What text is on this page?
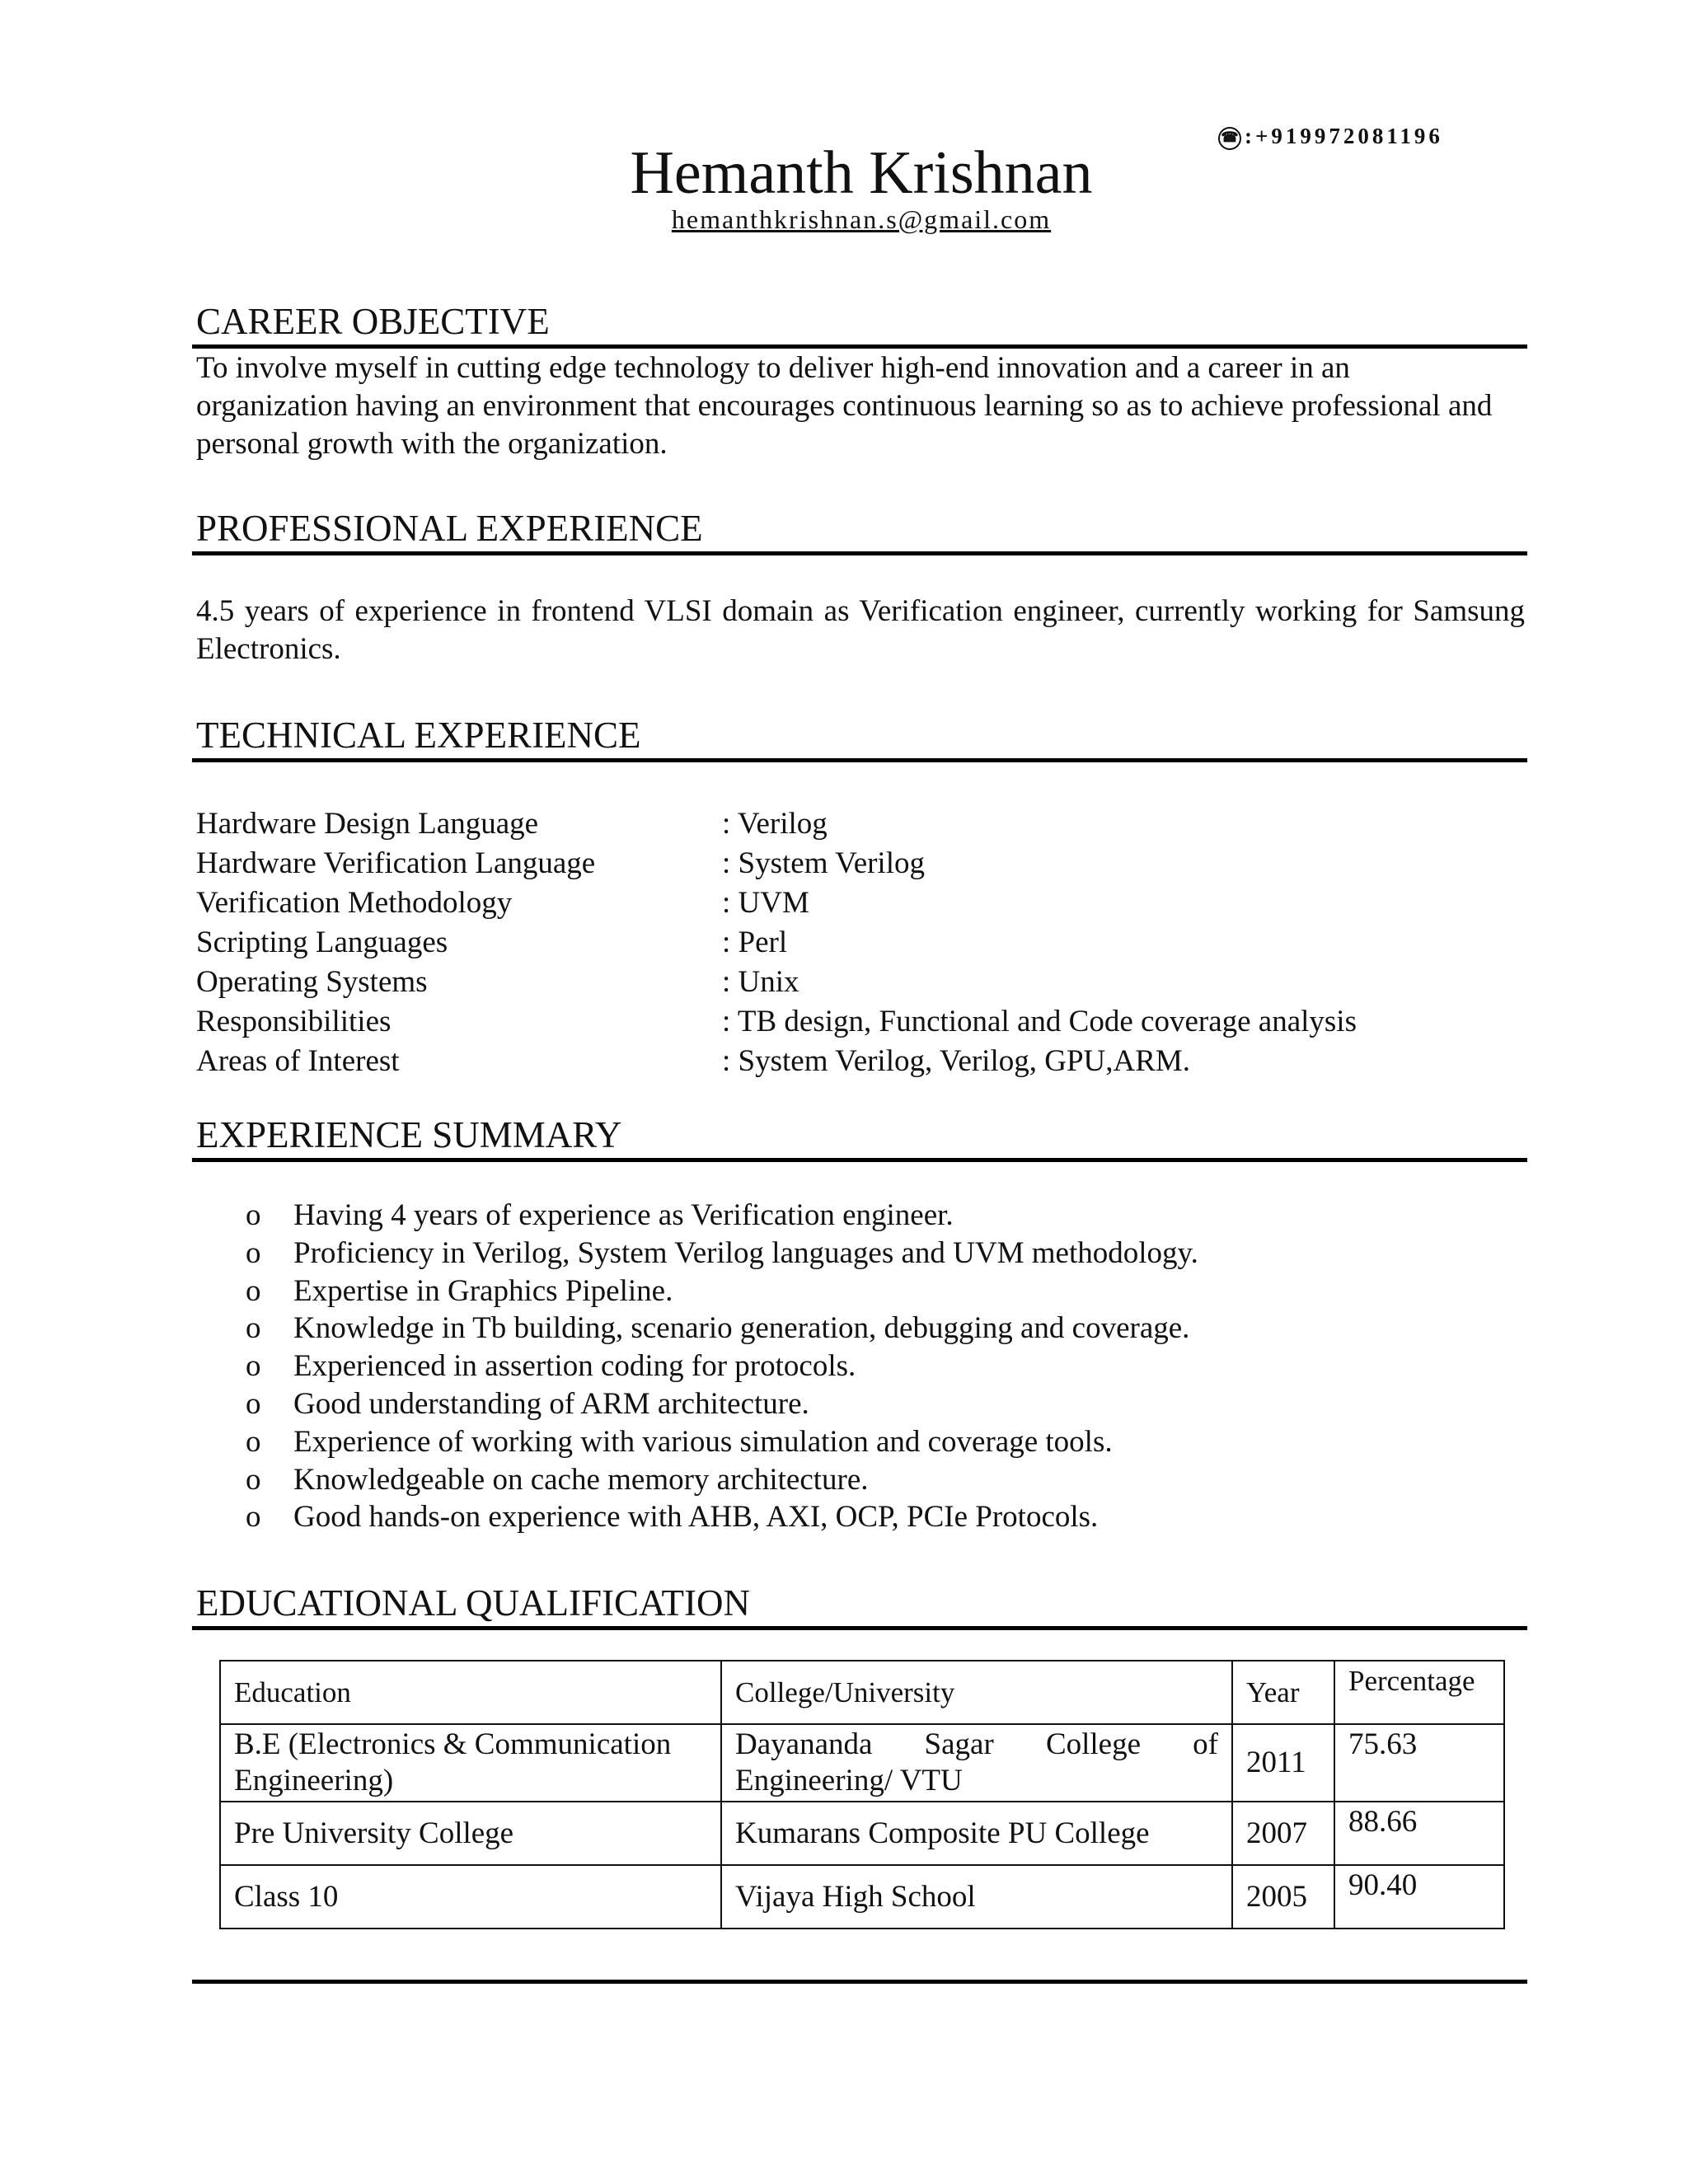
☎ :+919972081196
Hemanth Krishnan
hemanthkrishnan.s@gmail.com
CAREER OBJECTIVE
To involve myself in cutting edge technology to deliver high-end innovation and a career in an organization having an environment that encourages continuous learning so as to achieve professional and personal growth with the organization.
PROFESSIONAL EXPERIENCE
4.5 years of experience in frontend VLSI domain as Verification engineer, currently working for Samsung Electronics.
TECHNICAL EXPERIENCE
Hardware Design Language	: Verilog
Hardware Verification Language	: System Verilog
Verification Methodology	: UVM
Scripting Languages	: Perl
Operating Systems	: Unix
Responsibilities	: TB design, Functional and Code coverage analysis
Areas of Interest	: System Verilog, Verilog, GPU,ARM.
EXPERIENCE SUMMARY
o Having 4 years of experience as Verification engineer.
o Proficiency in Verilog, System Verilog languages and UVM methodology.
o Expertise in Graphics Pipeline.
o Knowledge in Tb building, scenario generation, debugging and coverage.
o Experienced in assertion coding for protocols.
o Good understanding of ARM architecture.
o Experience of working with various simulation and coverage tools.
o Knowledgeable on cache memory architecture.
o Good hands-on experience with AHB, AXI, OCP, PCIe Protocols.
EDUCATIONAL QUALIFICATION
Education	College/University	Year	Percentage
B.E (Electronics & Communication Engineering)	Dayananda Sagar College of Engineering/ VTU	2011	75.63
Pre University College	Kumarans Composite PU College	2007	88.66
Class 10	Vijaya High School	2005	90.40
